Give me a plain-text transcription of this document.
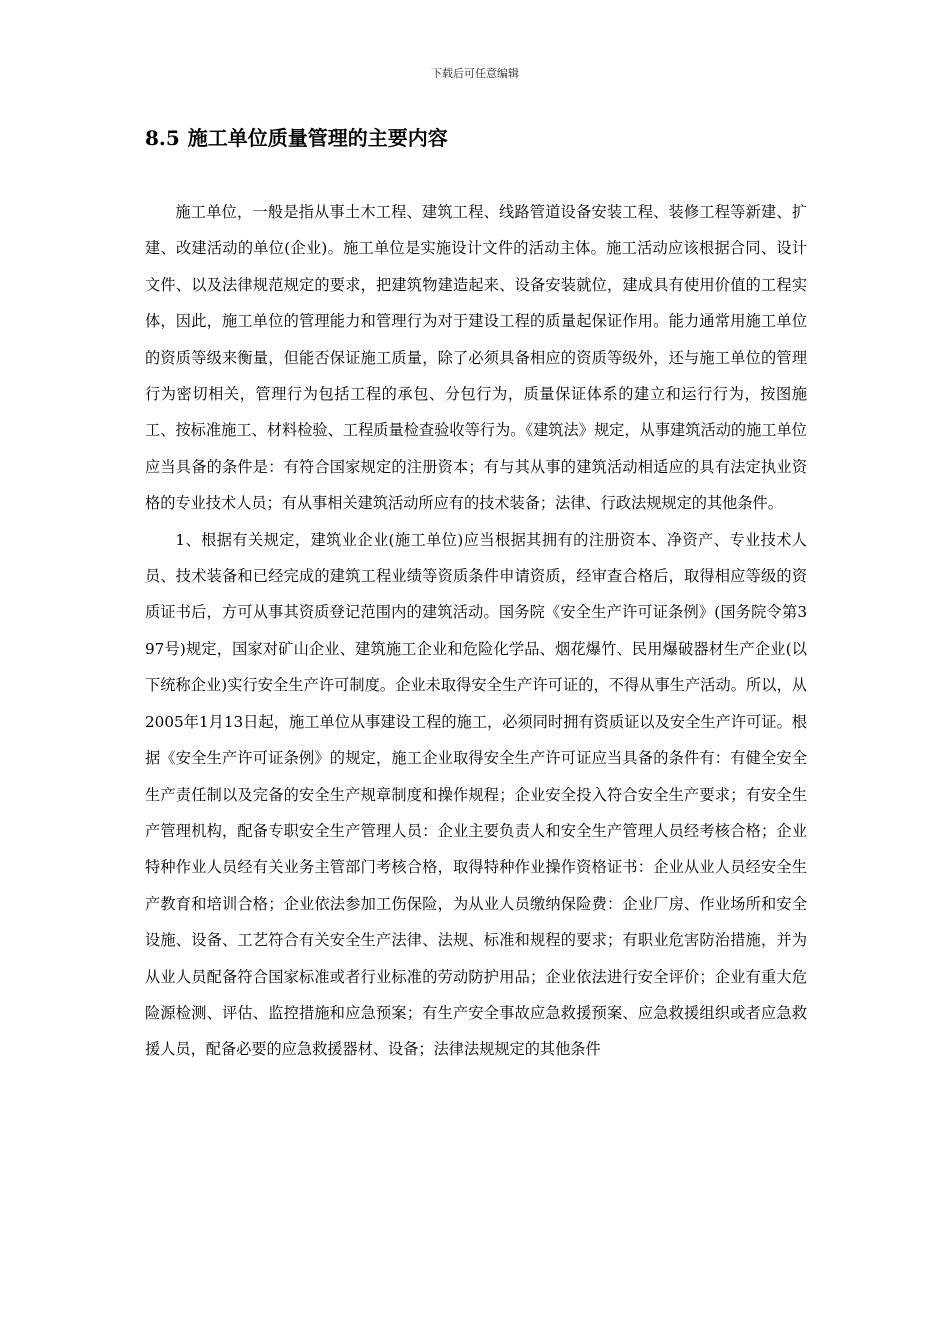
下载后可任意编辑
8.5 施工单位质量管理的主要内容

施工单位，一般是指从事土木工程、建筑工程、线路管道设备安装工程、装修工程等新建、扩建、改建活动的单位(企业)。施工单位是实施设计文件的活动主体。施工活动应该根据合同、设计文件、以及法律规范规定的要求，把建筑物建造起来、设备安装就位，建成具有使用价值的工程实体，因此，施工单位的管理能力和管理行为对于建设工程的质量起保证作用。能力通常用施工单位的资质等级来衡量，但能否保证施工质量，除了必须具备相应的资质等级外，还与施工单位的管理行为密切相关，管理行为包括工程的承包、分包行为，质量保证体系的建立和运行行为，按图施工、按标准施工、材料检验、工程质量检查验收等行为。《建筑法》规定，从事建筑活动的施工单位应当具备的条件是：有符合国家规定的注册资本；有与其从事的建筑活动相适应的具有法定执业资格的专业技术人员；有从事相关建筑活动所应有的技术装备；法律、行政法规规定的其他条件。

1、根据有关规定，建筑业企业(施工单位)应当根据其拥有的注册资本、净资产、专业技术人员、技术装备和已经完成的建筑工程业绩等资质条件申请资质，经审查合格后，取得相应等级的资质证书后，方可从事其资质登记范围内的建筑活动。国务院《安全生产许可证条例》(国务院令第397号)规定，国家对矿山企业、建筑施工企业和危险化学品、烟花爆竹、民用爆破器材生产企业(以下统称企业)实行安全生产许可制度。企业未取得安全生产许可证的，不得从事生产活动。所以，从2005年1月13日起，施工单位从事建设工程的施工，必须同时拥有资质证以及安全生产许可证。根据《安全生产许可证条例》的规定，施工企业取得安全生产许可证应当具备的条件有：有健全安全生产责任制以及完备的安全生产规章制度和操作规程；企业安全投入符合安全生产要求；有安全生产管理机构，配备专职安全生产管理人员：企业主要负责人和安全生产管理人员经考核合格；企业特种作业人员经有关业务主管部门考核合格，取得特种作业操作资格证书：企业从业人员经安全生产教育和培训合格；企业依法参加工伤保险，为从业人员缴纳保险费：企业厂房、作业场所和安全设施、设备、工艺符合有关安全生产法律、法规、标准和规程的要求；有职业危害防治措施，并为从业人员配备符合国家标准或者行业标准的劳动防护用品；企业依法进行安全评价；企业有重大危险源检测、评估、监控措施和应急预案；有生产安全事故应急救援预案、应急救援组织或者应急救援人员，配备必要的应急救援器材、设备；法律法规规定的其他条件
